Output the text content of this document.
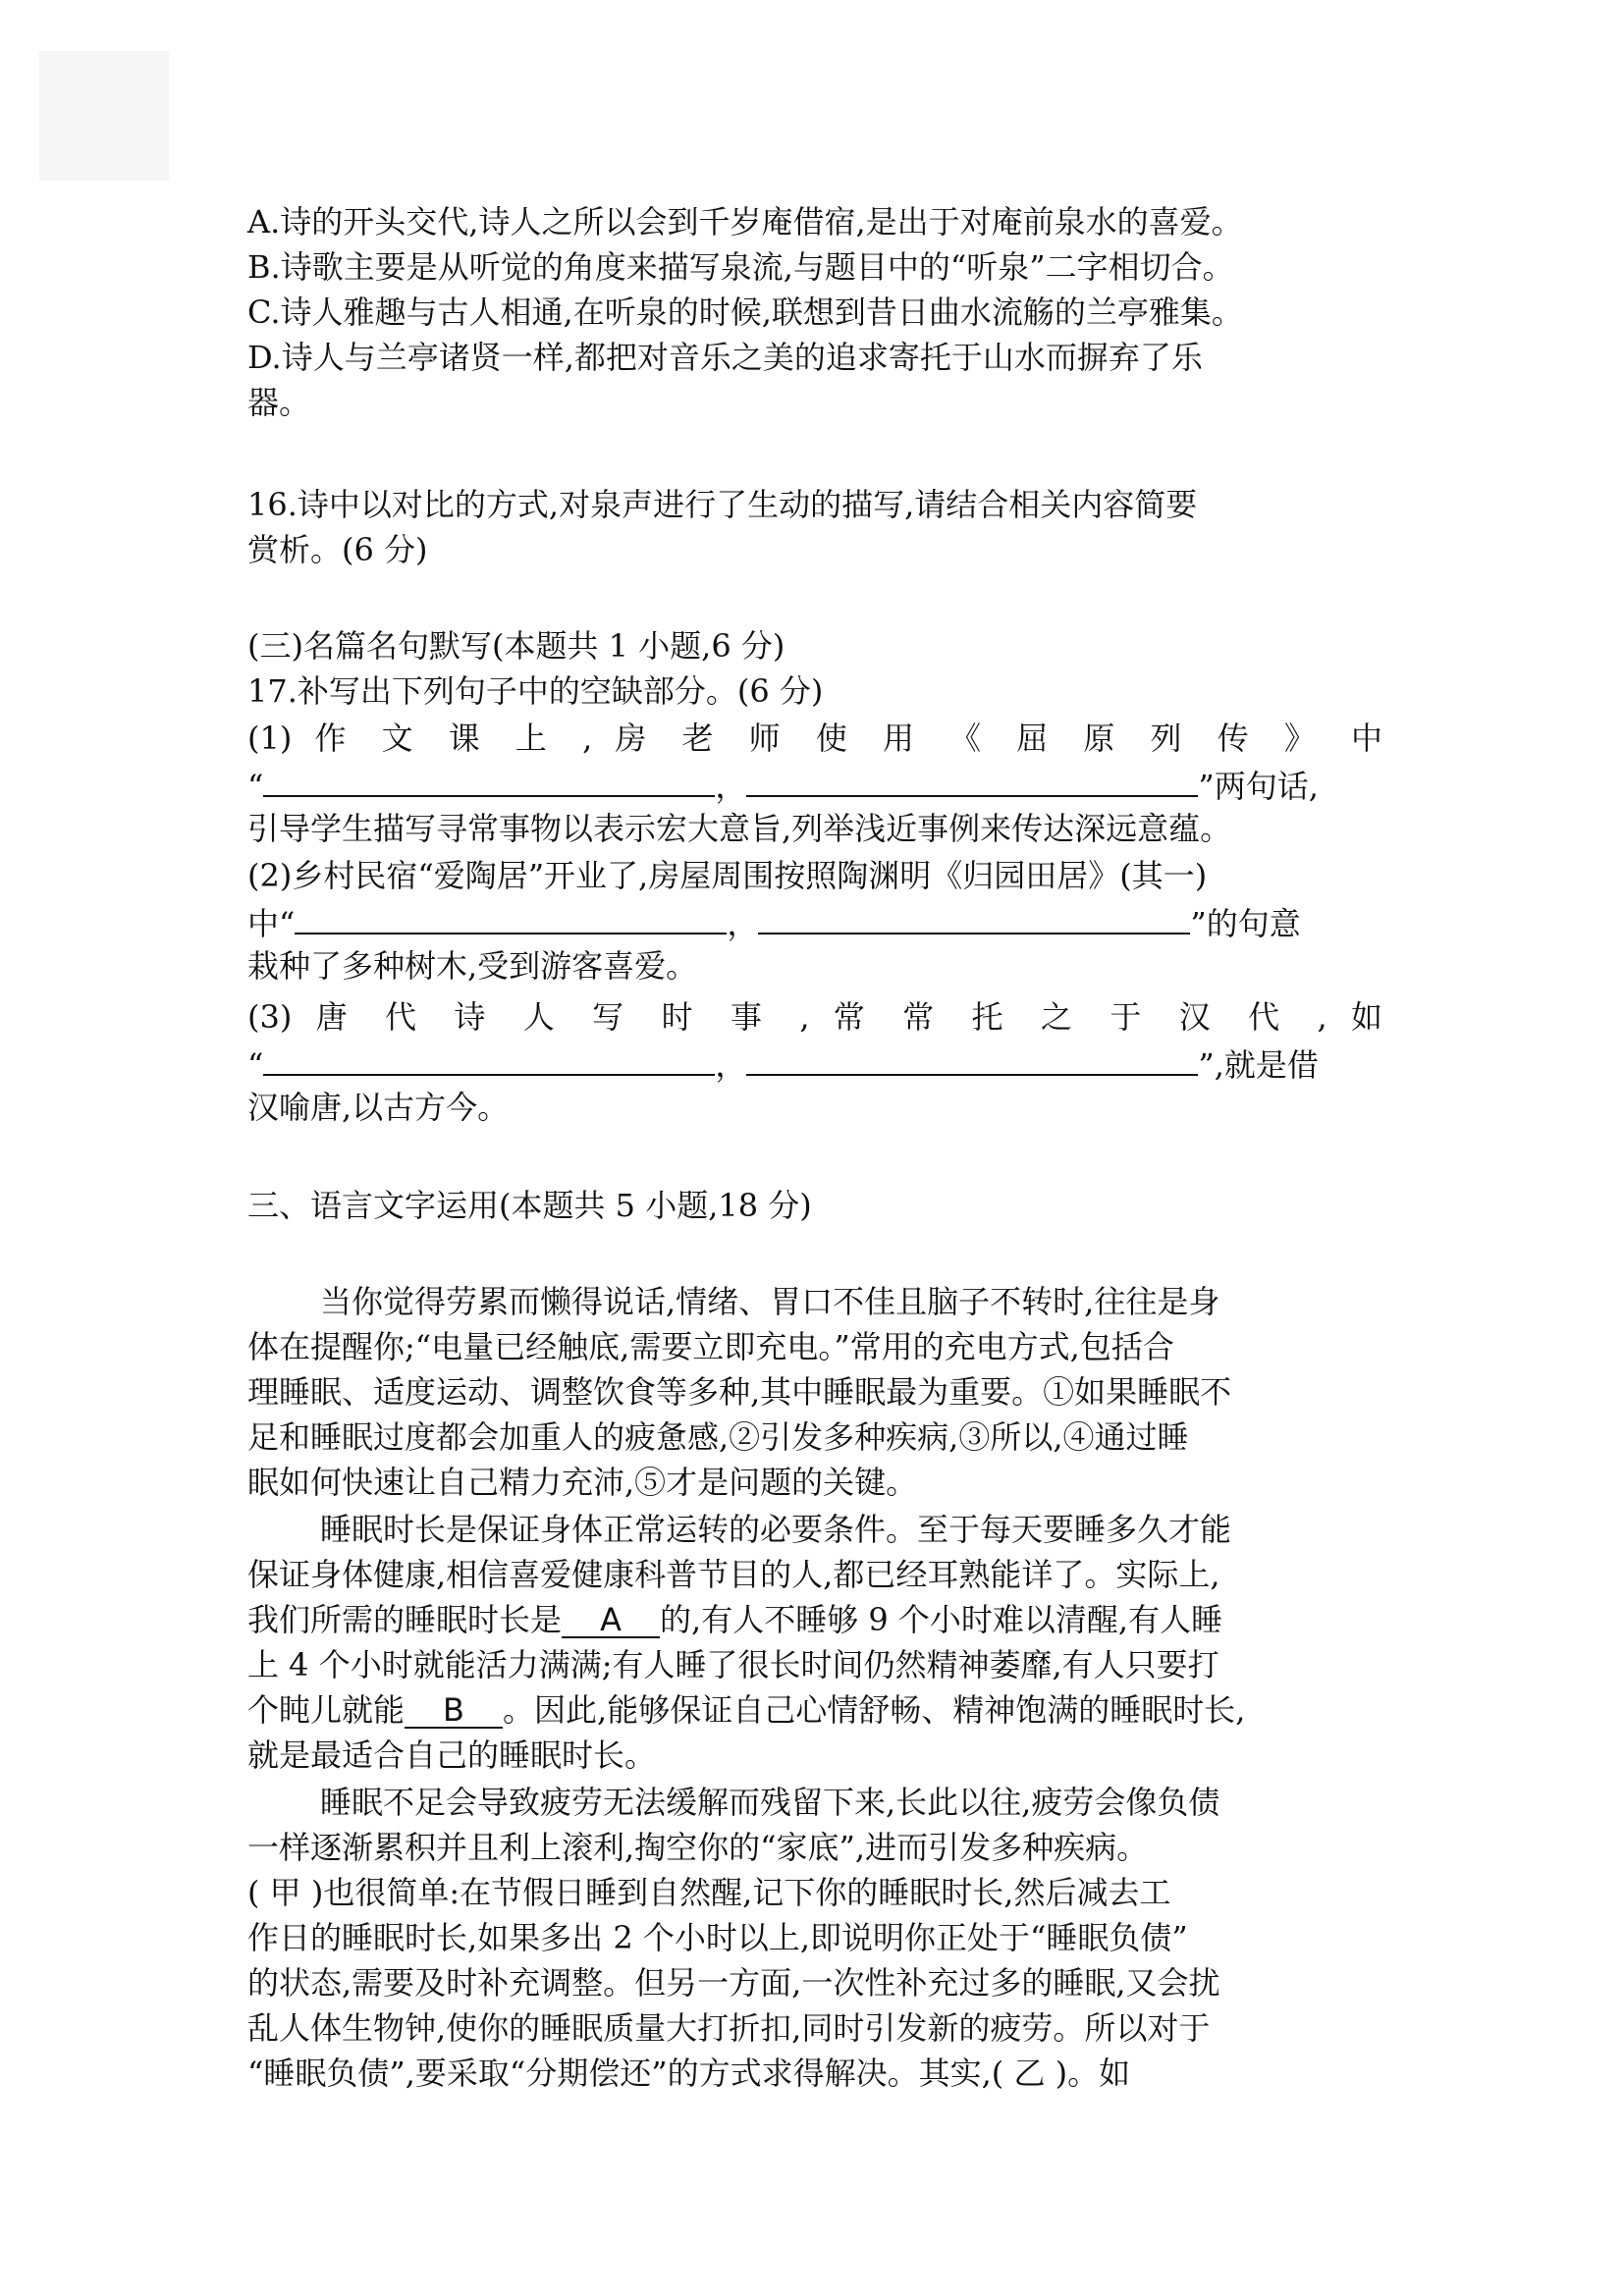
A.诗的开头交代,诗人之所以会到千岁庵借宿,是出于对庵前泉水的喜爱。
B.诗歌主要是从听觉的角度来描写泉流,与题目中的“听泉”二字相切合。
C.诗人雅趣与古人相通,在听泉的时候,联想到昔日曲水流觞的兰亭雅集。
D.诗人与兰亭诸贤一样,都把对音乐之美的追求寄托于山水而摒弃了乐
器。
16.诗中以对比的方式,对泉声进行了生动的描写,请结合相关内容简要
赏析。(6 分)
(三)名篇名句默写(本题共 1 小题,6 分)
17.补写出下列句子中的空缺部分。(6 分)
(1) 作 文 课 上 , 房 老 师 使 用 《 屈 原 列 传 》 中
“	，	”两句话,
引导学生描写寻常事物以表示宏大意旨,列举浅近事例来传达深远意蕴。
(2)乡村民宿“爱陶居”开业了,房屋周围按照陶渊明《归园田居》(其一)
中“	，	”的句意
栽种了多种树木,受到游客喜爱。
(3) 唐 代 诗 人 写 时 事 , 常 常 托 之 于 汉 代 , 如
“	，	”,就是借
汉喻唐,以古方今。
三、语言文字运用(本题共 5 小题,18 分)
当你觉得劳累而懒得说话,情绪、胃口不佳且脑子不转时,往往是身
体在提醒你;“电量已经触底,需要立即充电。”常用的充电方式,包括合
理睡眠、适度运动、调整饮食等多种,其中睡眠最为重要。①如果睡眠不
足和睡眠过度都会加重人的疲惫感,②引发多种疾病,③所以,④通过睡
眠如何快速让自己精力充沛,⑤才是问题的关键。
睡眠时长是保证身体正常运转的必要条件。至于每天要睡多久才能
保证身体健康,相信喜爱健康科普节目的人,都已经耳熟能详了。实际上,
我们所需的睡眠时长是 A 的,有人不睡够 9 个小时难以清醒,有人睡
上 4 个小时就能活力满满;有人睡了很长时间仍然精神萎靡,有人只要打
个盹儿就能 B 。因此,能够保证自己心情舒畅、精神饱满的睡眠时长,
就是最适合自己的睡眠时长。
睡眠不足会导致疲劳无法缓解而残留下来,长此以往,疲劳会像负债
一样逐渐累积并且利上滚利,掏空你的“家底”,进而引发多种疾病。
( 甲 )也很简单:在节假日睡到自然醒,记下你的睡眠时长,然后减去工
作日的睡眠时长,如果多出 2 个小时以上,即说明你正处于“睡眠负债”
的状态,需要及时补充调整。但另一方面,一次性补充过多的睡眠,又会扰
乱人体生物钟,使你的睡眠质量大打折扣,同时引发新的疲劳。所以对于
“睡眠负债”,要采取“分期偿还”的方式求得解决。其实,( 乙 )。如
